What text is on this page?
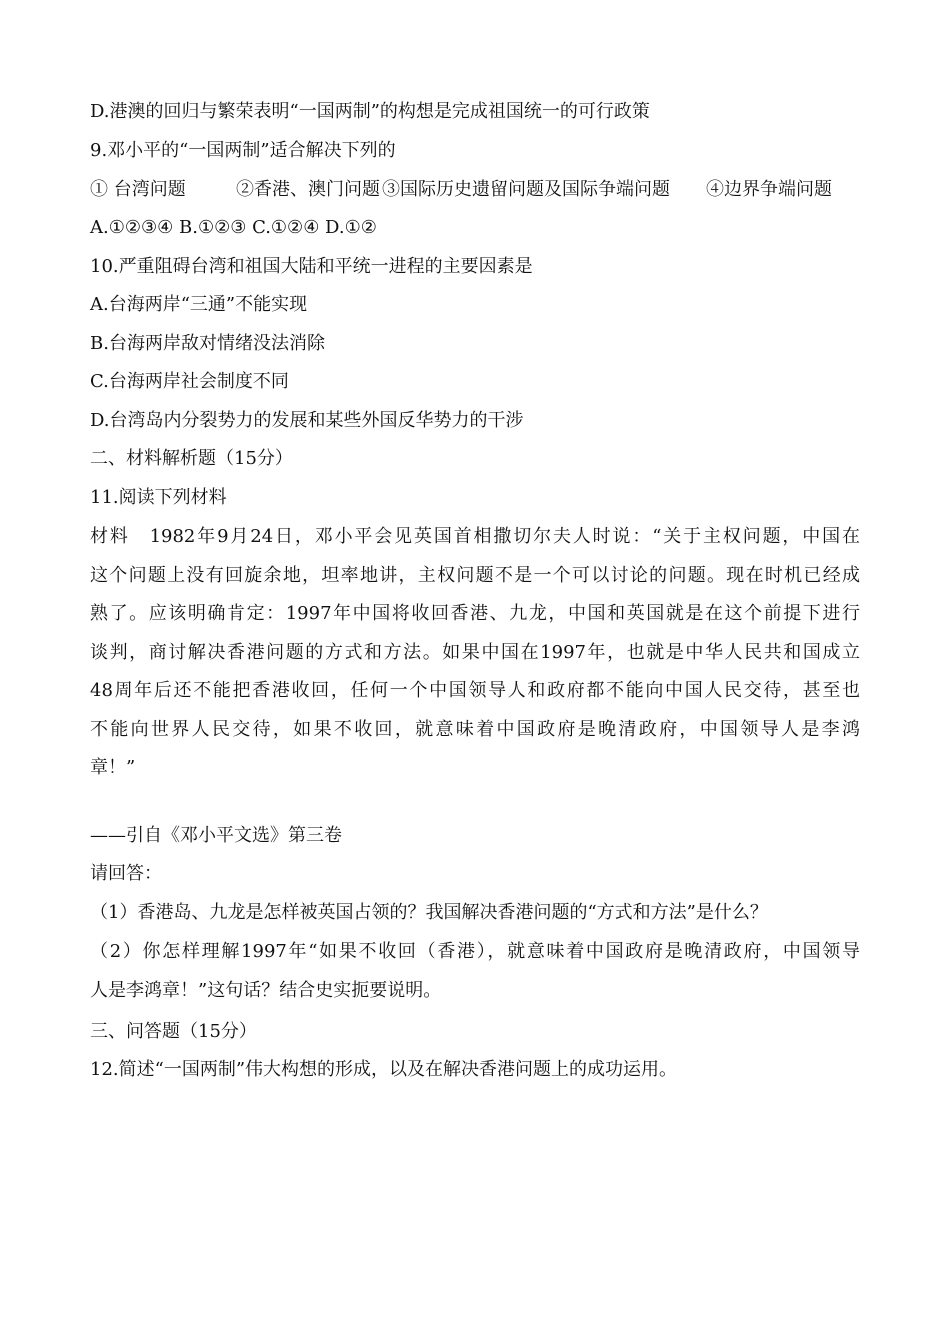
D.港澳的回归与繁荣表明“一国两制”的构想是完成祖国统一的可行政策
9.邓小平的“一国两制”适合解决下列的
① 台湾问题	②香港、澳门问题 ③国际历史遗留问题及国际争端问题 ④边界争端问题
A.①②③④ B.①②③ C.①②④ D.①②
10.严重阻碍台湾和祖国大陆和平统一进程的主要因素是
A.台海两岸“三通”不能实现
B.台海两岸敌对情绪没法消除
C.台海两岸社会制度不同
D.台湾岛内分裂势力的发展和某些外国反华势力的干涉
二、材料解析题（15分）
11.阅读下列材料
材料　1982年9月24日，邓小平会见英国首相撒切尔夫人时说：“关于主权问题，中国在
这个问题上没有回旋余地，坦率地讲，主权问题不是一个可以讨论的问题。现在时机已经成
熟了。应该明确肯定：1997年中国将收回香港、九龙，中国和英国就是在这个前提下进行
谈判，商讨解决香港问题的方式和方法。如果中国在1997年，也就是中华人民共和国成立
48周年后还不能把香港收回，任何一个中国领导人和政府都不能向中国人民交待，甚至也
不能向世界人民交待，如果不收回，就意味着中国政府是晚清政府，中国领导人是李鸿
章！”
——引自《邓小平文选》第三卷
请回答：
（1）香港岛、九龙是怎样被英国占领的？我国解决香港问题的“方式和方法”是什么？
（2）你怎样理解1997年“如果不收回（香港），就意味着中国政府是晚清政府，中国领导
人是李鸿章！”这句话？结合史实扼要说明。
三、问答题（15分）
12.简述“一国两制”伟大构想的形成，以及在解决香港问题上的成功运用。
